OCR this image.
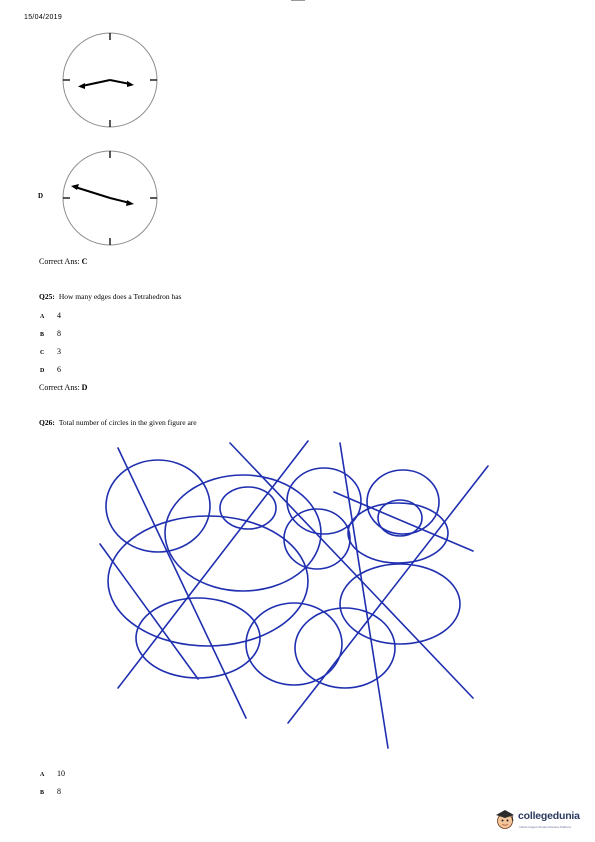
15/04/2019
D
Correct Ans: C
Q25: How many edges does a Tetrahedron has
A 4
B 8
C 3
D 6
Correct Ans: D
Q26: Total number of circles in the given figure are
A 10
B 8
collegedunia
India's largest Student Review Platform
